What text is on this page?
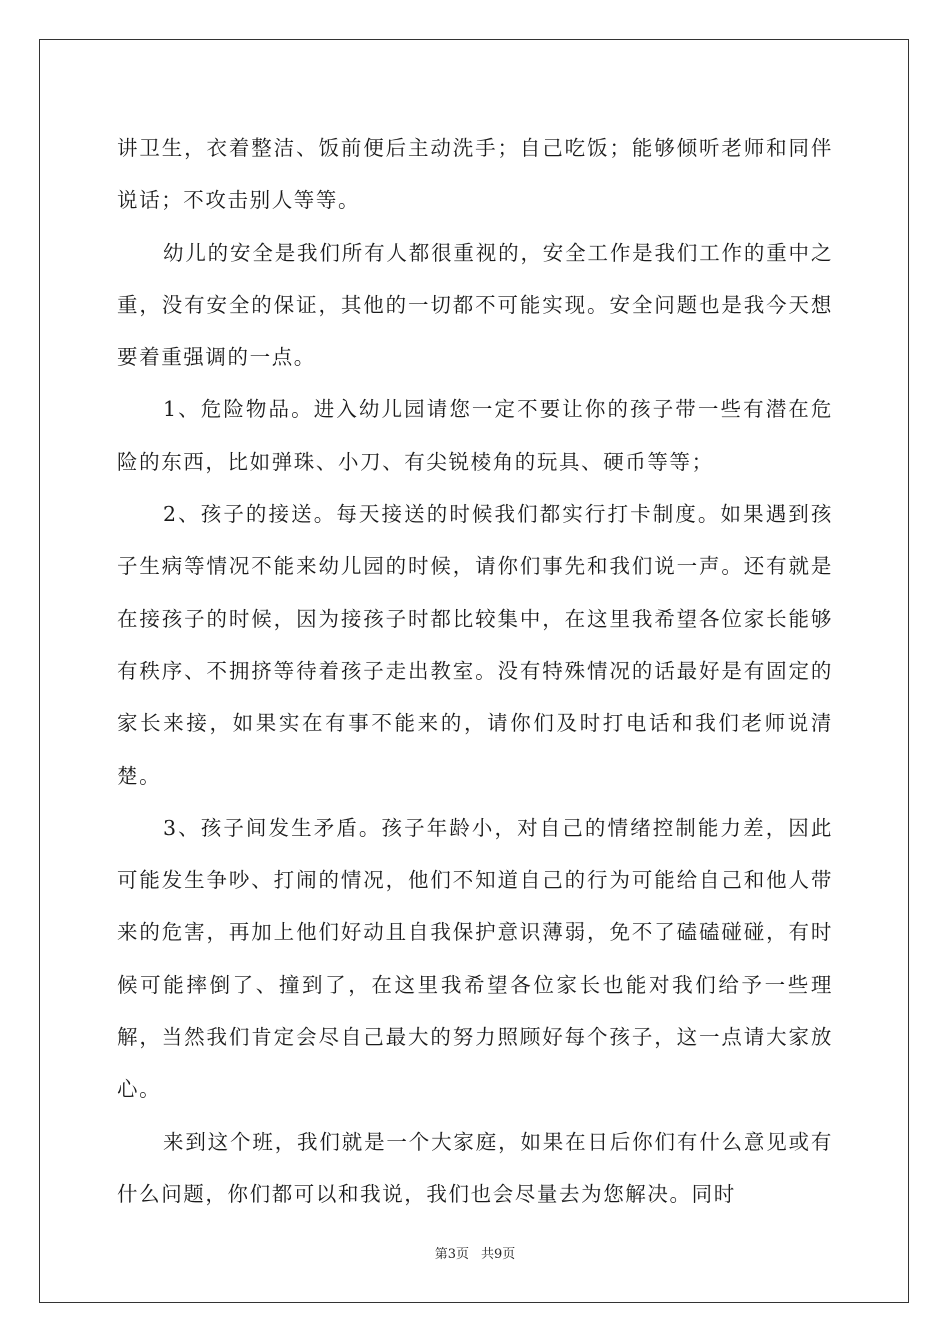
讲卫生，衣着整洁、饭前便后主动洗手；自己吃饭；能够倾听老师和同伴说话；不攻击别人等等。

幼儿的安全是我们所有人都很重视的，安全工作是我们工作的重中之重，没有安全的保证，其他的一切都不可能实现。安全问题也是我今天想要着重强调的一点。

1、危险物品。进入幼儿园请您一定不要让你的孩子带一些有潜在危险的东西，比如弹珠、小刀、有尖锐棱角的玩具、硬币等等；

2、孩子的接送。每天接送的时候我们都实行打卡制度。如果遇到孩子生病等情况不能来幼儿园的时候，请你们事先和我们说一声。还有就是在接孩子的时候，因为接孩子时都比较集中，在这里我希望各位家长能够有秩序、不拥挤等待着孩子走出教室。没有特殊情况的话最好是有固定的家长来接，如果实在有事不能来的，请你们及时打电话和我们老师说清楚。

3、孩子间发生矛盾。孩子年龄小，对自己的情绪控制能力差，因此可能发生争吵、打闹的情况，他们不知道自己的行为可能给自己和他人带来的危害，再加上他们好动且自我保护意识薄弱，免不了磕磕碰碰，有时候可能摔倒了、撞到了，在这里我希望各位家长也能对我们给予一些理解，当然我们肯定会尽自己最大的努力照顾好每个孩子，这一点请大家放心。

来到这个班，我们就是一个大家庭，如果在日后你们有什么意见或有什么问题，你们都可以和我说，我们也会尽量去为您解决。同时

第3页 共9页
